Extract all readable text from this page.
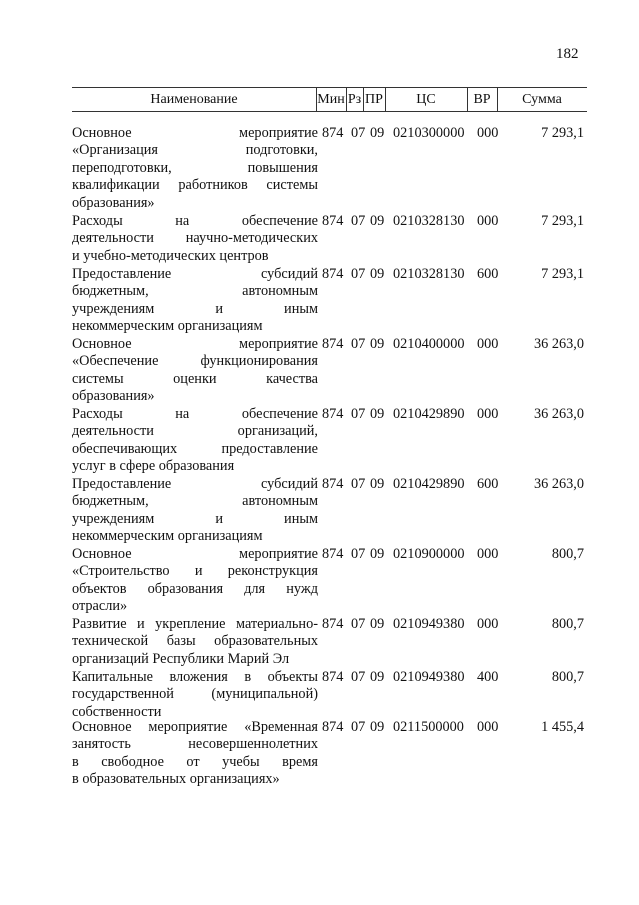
182
Наименование	Мин Рз ПР	ЦС	ВР	Сумма
Основное мероприятие
«Организация подготовки,
переподготовки, повышения
квалификации работников системы
образования»
874 07 09 0210300000 000	7 293,1
Расходы на обеспечение
деятельности научно-методических
и учебно-методических центров
874 07 09 0210328130 000	7 293,1
Предоставление субсидий
бюджетным, автономным
учреждениям и иным
некоммерческим организациям
874 07 09 0210328130 600	7 293,1
Основное мероприятие
«Обеспечение функционирования
системы оценки качества
образования»
874 07 09 0210400000 000	36 263,0
Расходы на обеспечение
деятельности организаций,
обеспечивающих предоставление
услуг в сфере образования
874 07 09 0210429890 000	36 263,0
Предоставление субсидий
бюджетным, автономным
учреждениям и иным
некоммерческим организациям
874 07 09 0210429890 600	36 263,0
Основное мероприятие
«Строительство и реконструкция
объектов образования для нужд
отрасли»
874 07 09 0210900000 000	800,7
Развитие и укрепление материально-
технической базы образовательных
организаций Республики Марий Эл
874 07 09 0210949380 000	800,7
Капитальные вложения в объекты
государственной (муниципальной)
собственности
874 07 09 0210949380 400	800,7
Основное мероприятие «Временная
занятость несовершеннолетних
в свободное от учебы время
в образовательных организациях»
874 07 09 0211500000 000	1 455,4
